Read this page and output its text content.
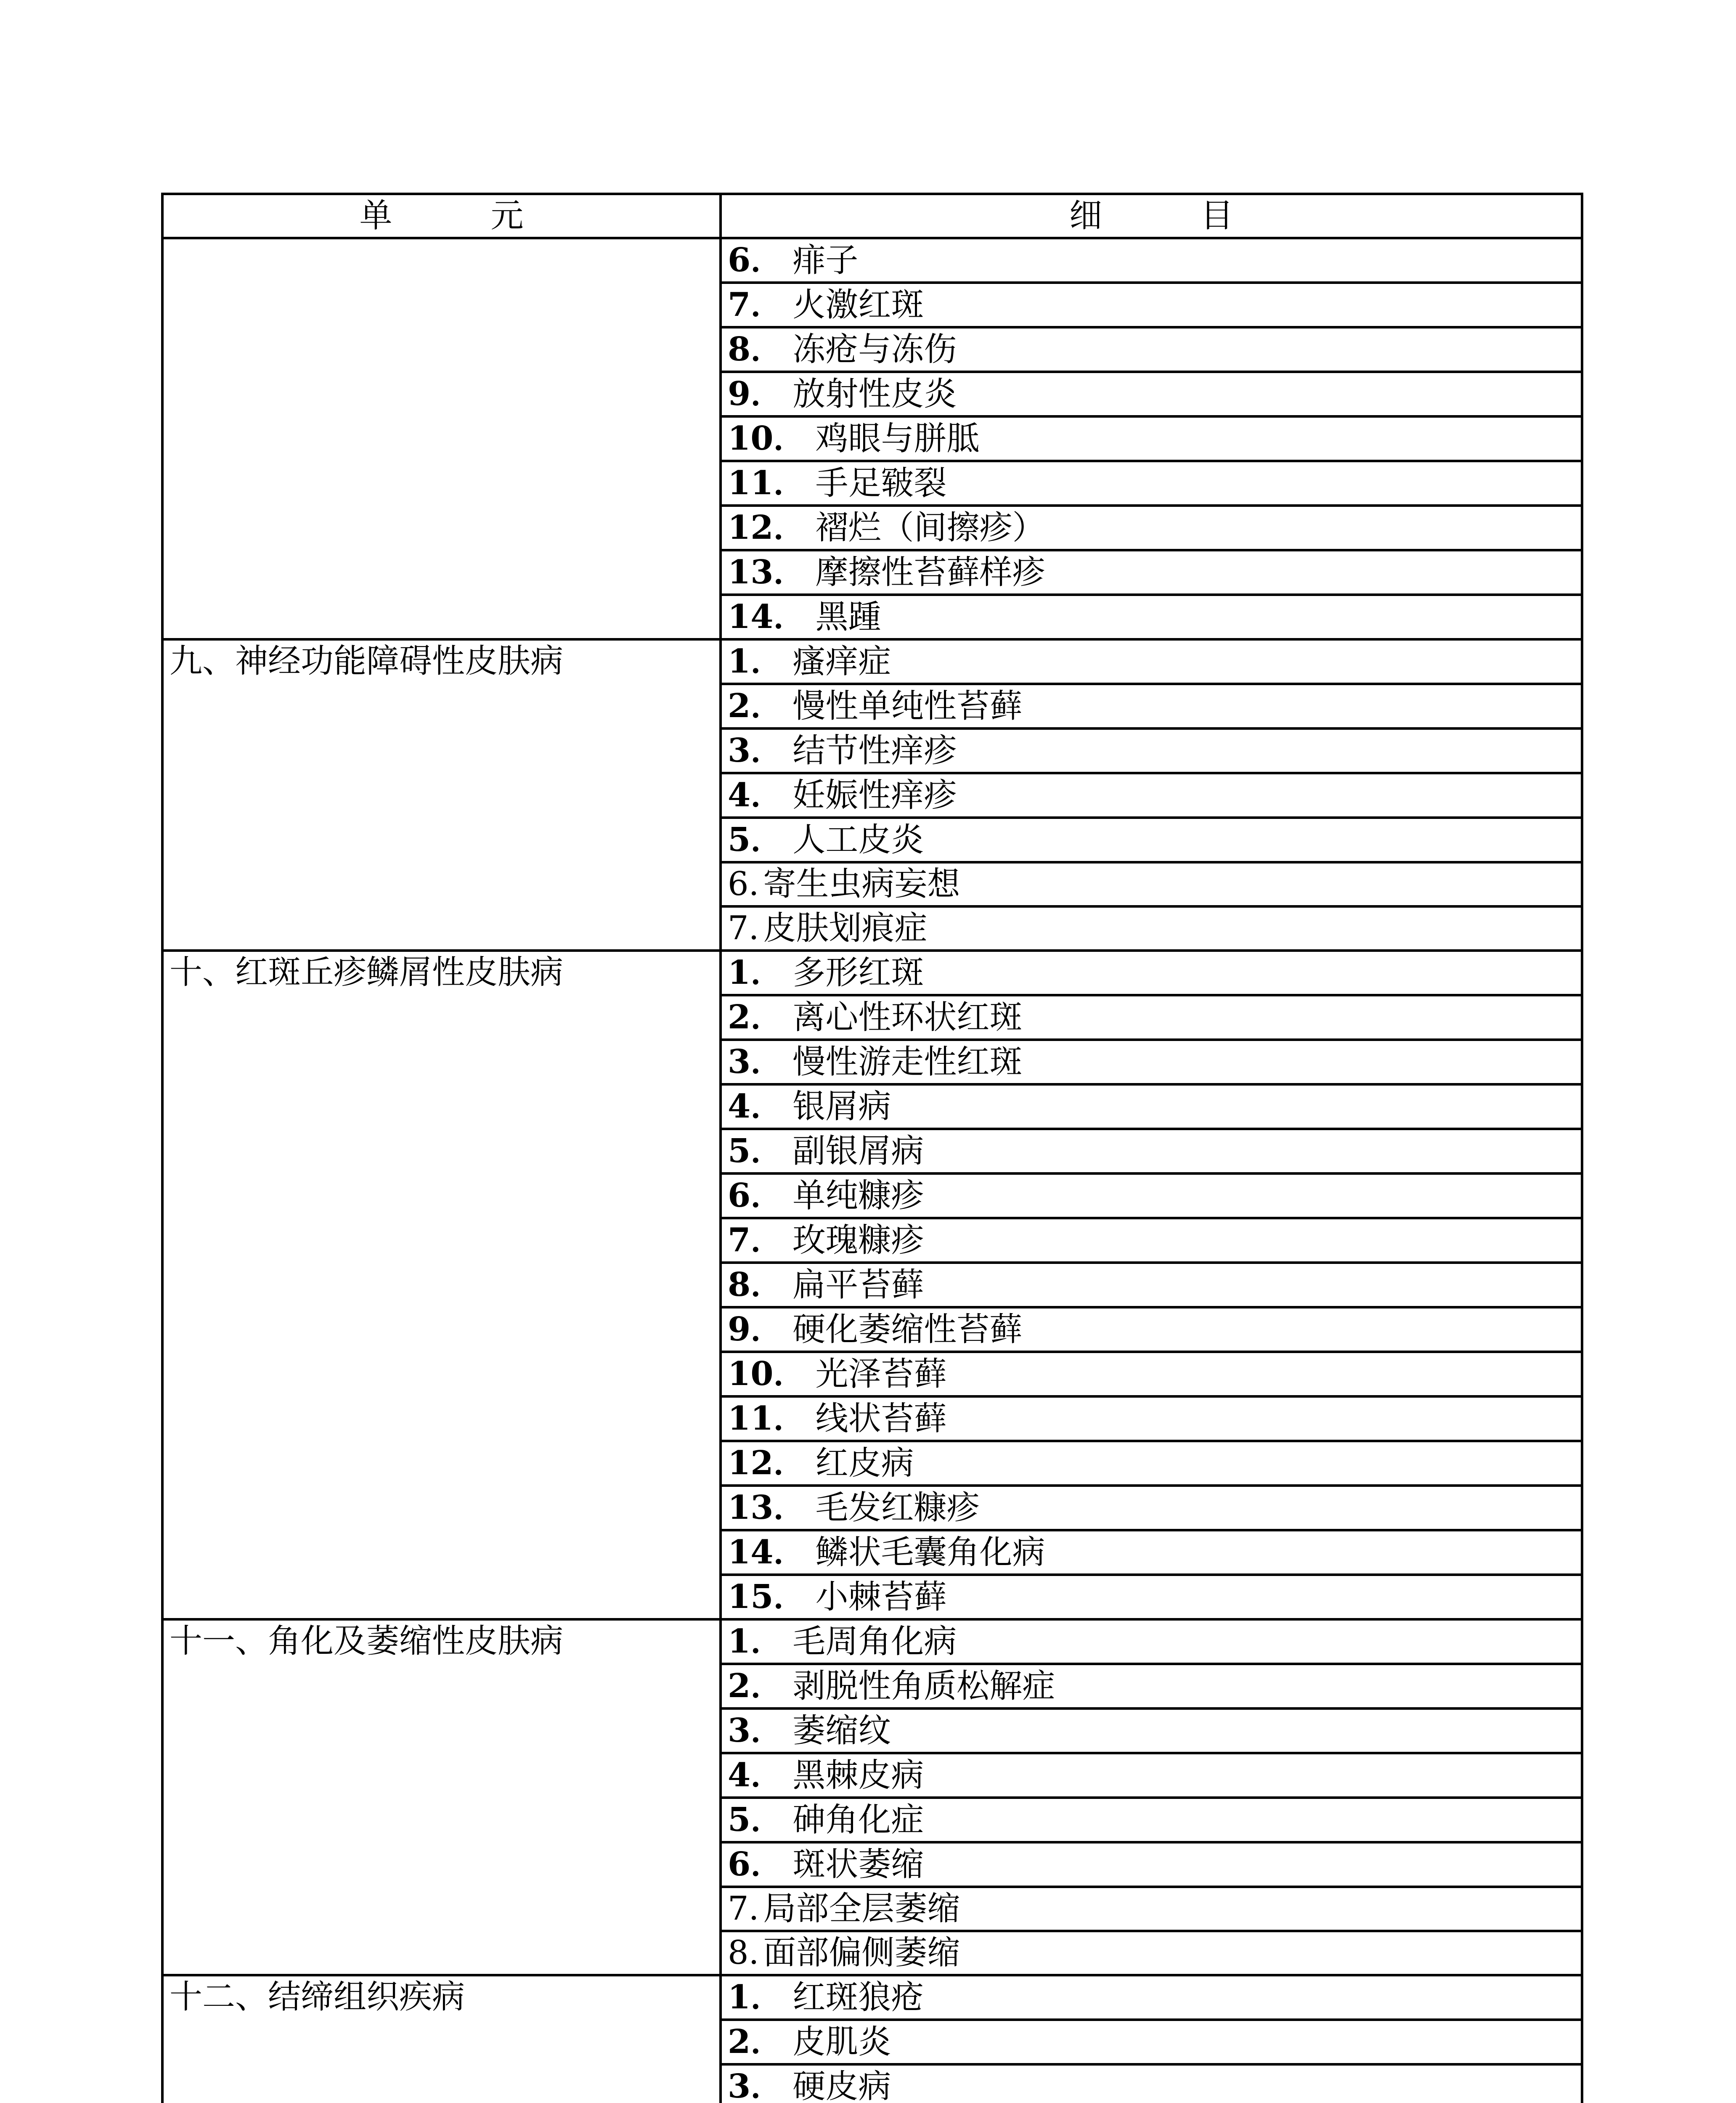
单　　　元	细　　　目
	6． 痱子
	7． 火激红斑
	8． 冻疮与冻伤
	9． 放射性皮炎
	10． 鸡眼与胼胝
	11． 手足皲裂
	12． 褶烂（间擦疹）
	13． 摩擦性苔藓样疹
	14． 黑踵
九、神经功能障碍性皮肤病	1． 瘙痒症
	2． 慢性单纯性苔藓
	3． 结节性痒疹
	4． 妊娠性痒疹
	5． 人工皮炎
	6. 寄生虫病妄想
	7. 皮肤划痕症
十、红斑丘疹鳞屑性皮肤病	1． 多形红斑
	2． 离心性环状红斑
	3． 慢性游走性红斑
	4． 银屑病
	5． 副银屑病
	6． 单纯糠疹
	7． 玫瑰糠疹
	8． 扁平苔藓
	9． 硬化萎缩性苔藓
	10． 光泽苔藓
	11． 线状苔藓
	12． 红皮病
	13． 毛发红糠疹
	14． 鳞状毛囊角化病
	15． 小棘苔藓
十一、角化及萎缩性皮肤病	1． 毛周角化病
	2． 剥脱性角质松解症
	3． 萎缩纹
	4． 黑棘皮病
	5． 砷角化症
	6． 斑状萎缩
	7. 局部全层萎缩
	8. 面部偏侧萎缩
十二、结缔组织疾病	1． 红斑狼疮
	2． 皮肌炎
	3． 硬皮病
